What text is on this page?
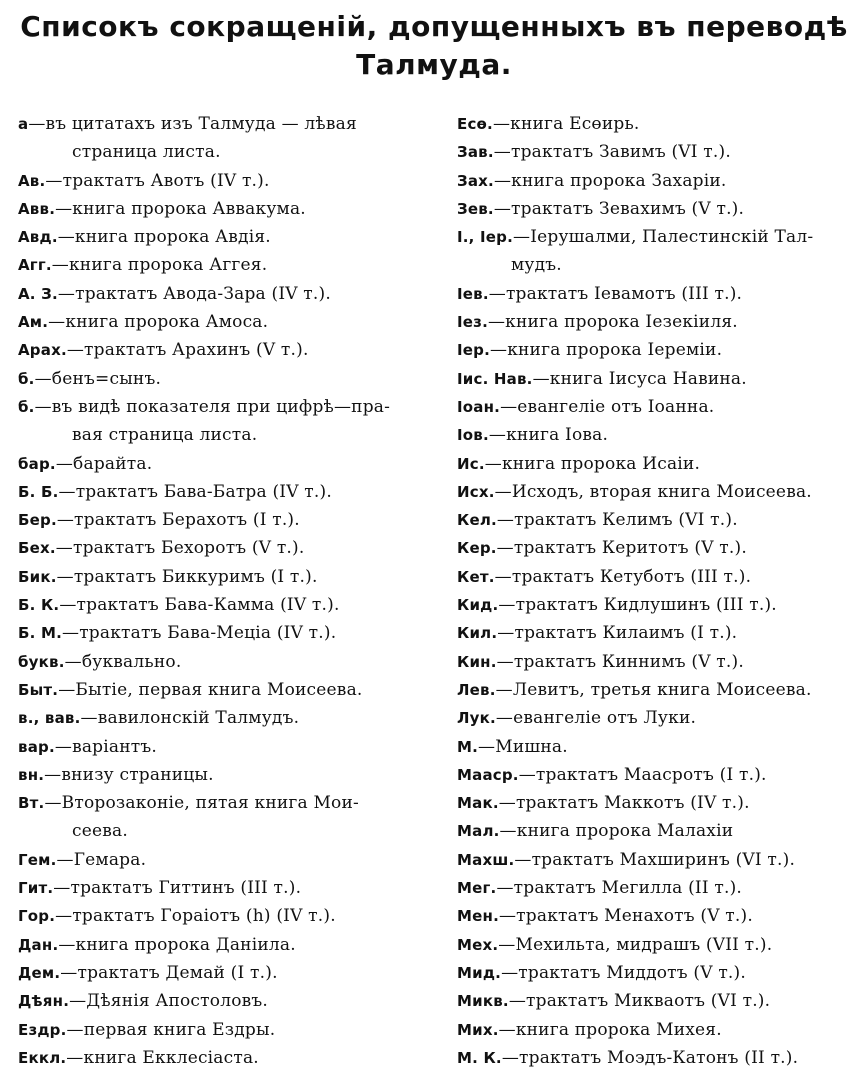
Списокъ сокращеній, допущенныхъ въ переводѣ
Талмуда.
а—въ цитатахъ изъ Талмуда — лѣвая
страница листа.
Ав.—трактатъ Авотъ (IV т.).
Авв.—книга пророка Аввакума.
Авд.—книга пророка Авдія.
Агг.—книга пророка Аггея.
А. З.—трактатъ Авода-Зара (IV т.).
Ам.—книга пророка Амоса.
Арах.—трактатъ Арахинъ (V т.).
б.—бенъ=сынъ.
б.—въ видѣ показателя при цифрѣ—пра-
вая страница листа.
бар.—барайта.
Б. Б.—трактатъ Бава-Батра (IV т.).
Бер.—трактатъ Берахотъ (I т.).
Бех.—трактатъ Бехоротъ (V т.).
Бик.—трактатъ Биккуримъ (I т.).
Б. К.—трактатъ Бава-Камма (IV т.).
Б. М.—трактатъ Бава-Меціа (IV т.).
букв.—буквально.
Быт.—Бытіе, первая книга Моисеева.
в., вав.—вавилонскій Талмудъ.
вар.—варіантъ.
вн.—внизу страницы.
Вт.—Второзаконіе, пятая книга Мои-
сеева.
Гем.—Гемара.
Гит.—трактатъ Гиттинъ (III т.).
Гор.—трактатъ Гораіотъ (h) (IV т.).
Дан.—книга пророка Даніила.
Дем.—трактатъ Демай (I т.).
Дѣян.—Дѣянія Апостоловъ.
Ездр.—первая книга Ездры.
Еккл.—книга Екклесіаста.
Есө.—книга Есөирь.
Зав.—трактатъ Завимъ (VI т.).
Зах.—книга пророка Захаріи.
Зев.—трактатъ Зевахимъ (V т.).
І., Іер.—Іерушалми, Палестинскій Тал-
мудъ.
Іев.—трактатъ Іевамотъ (III т.).
Іез.—книга пророка Іезекіиля.
Іер.—книга пророка Іереміи.
Іис. Нав.—книга Іисуса Навина.
Іоан.—евангеліе отъ Іоанна.
Іов.—книга Іова.
Ис.—книга пророка Исаіи.
Исх.—Исходъ, вторая книга Моисеева.
Кел.—трактатъ Келимъ (VI т.).
Кер.—трактатъ Керитотъ (V т.).
Кет.—трактатъ Кетуботъ (III т.).
Кид.—трактатъ Кидлушинъ (III т.).
Кил.—трактатъ Килаимъ (I т.).
Кин.—трактатъ Киннимъ (V т.).
Лев.—Левитъ, третья книга Моисеева.
Лук.—евангеліе отъ Луки.
М.—Мишна.
Мааср.—трактатъ Маасротъ (I т.).
Мак.—трактатъ Маккотъ (IV т.).
Мал.—книга пророка Малахіи
Махш.—трактатъ Махширинъ (VI т.).
Мег.—трактатъ Мегилла (II т.).
Мен.—трактатъ Менахотъ (V т.).
Мех.—Мехильта, мидрашъ (VII т.).
Мид.—трактатъ Миддотъ (V т.).
Микв.—трактатъ Микваотъ (VI т.).
Мих.—книга пророка Михея.
М. К.—трактатъ Моэдъ-Катонъ (II т.).
